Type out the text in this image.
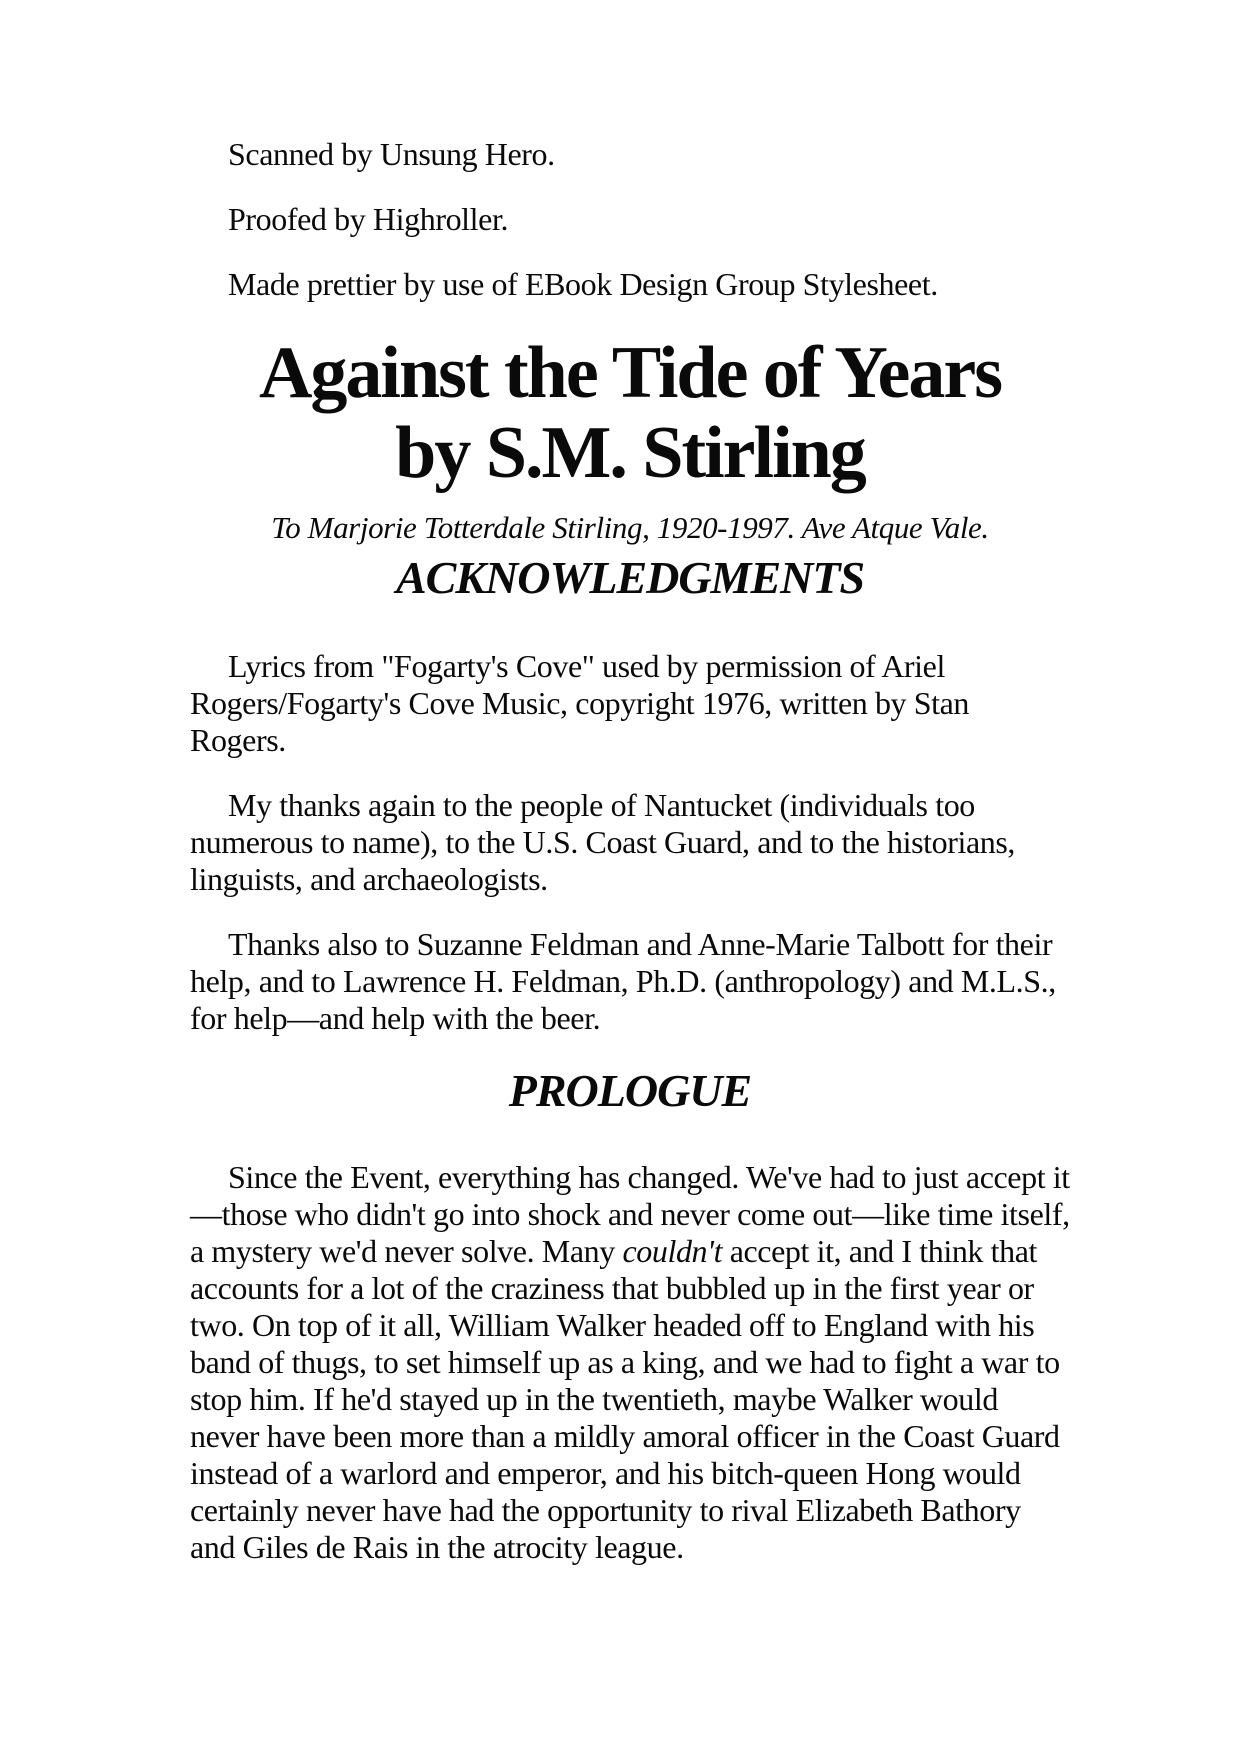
Scanned by Unsung Hero.

Proofed by Highroller.

Made prettier by use of EBook Design Group Stylesheet.

Against the Tide of Years
by S.M. Stirling

To Marjorie Totterdale Stirling, 1920-1997. Ave Atque Vale.

ACKNOWLEDGMENTS

Lyrics from "Fogarty's Cove" used by permission of Ariel Rogers/Fogarty's Cove Music, copyright 1976, written by Stan Rogers.

My thanks again to the people of Nantucket (individuals too numerous to name), to the U.S. Coast Guard, and to the historians, linguists, and archaeologists.

Thanks also to Suzanne Feldman and Anne-Marie Talbott for their help, and to Lawrence H. Feldman, Ph.D. (anthropology) and M.L.S., for help—and help with the beer.

PROLOGUE

Since the Event, everything has changed. We've had to just accept it—those who didn't go into shock and never come out—like time itself, a mystery we'd never solve. Many couldn't accept it, and I think that accounts for a lot of the craziness that bubbled up in the first year or two. On top of it all, William Walker headed off to England with his band of thugs, to set himself up as a king, and we had to fight a war to stop him. If he'd stayed up in the twentieth, maybe Walker would never have been more than a mildly amoral officer in the Coast Guard instead of a warlord and emperor, and his bitch-queen Hong would certainly never have had the opportunity to rival Elizabeth Bathory and Giles de Rais in the atrocity league.
